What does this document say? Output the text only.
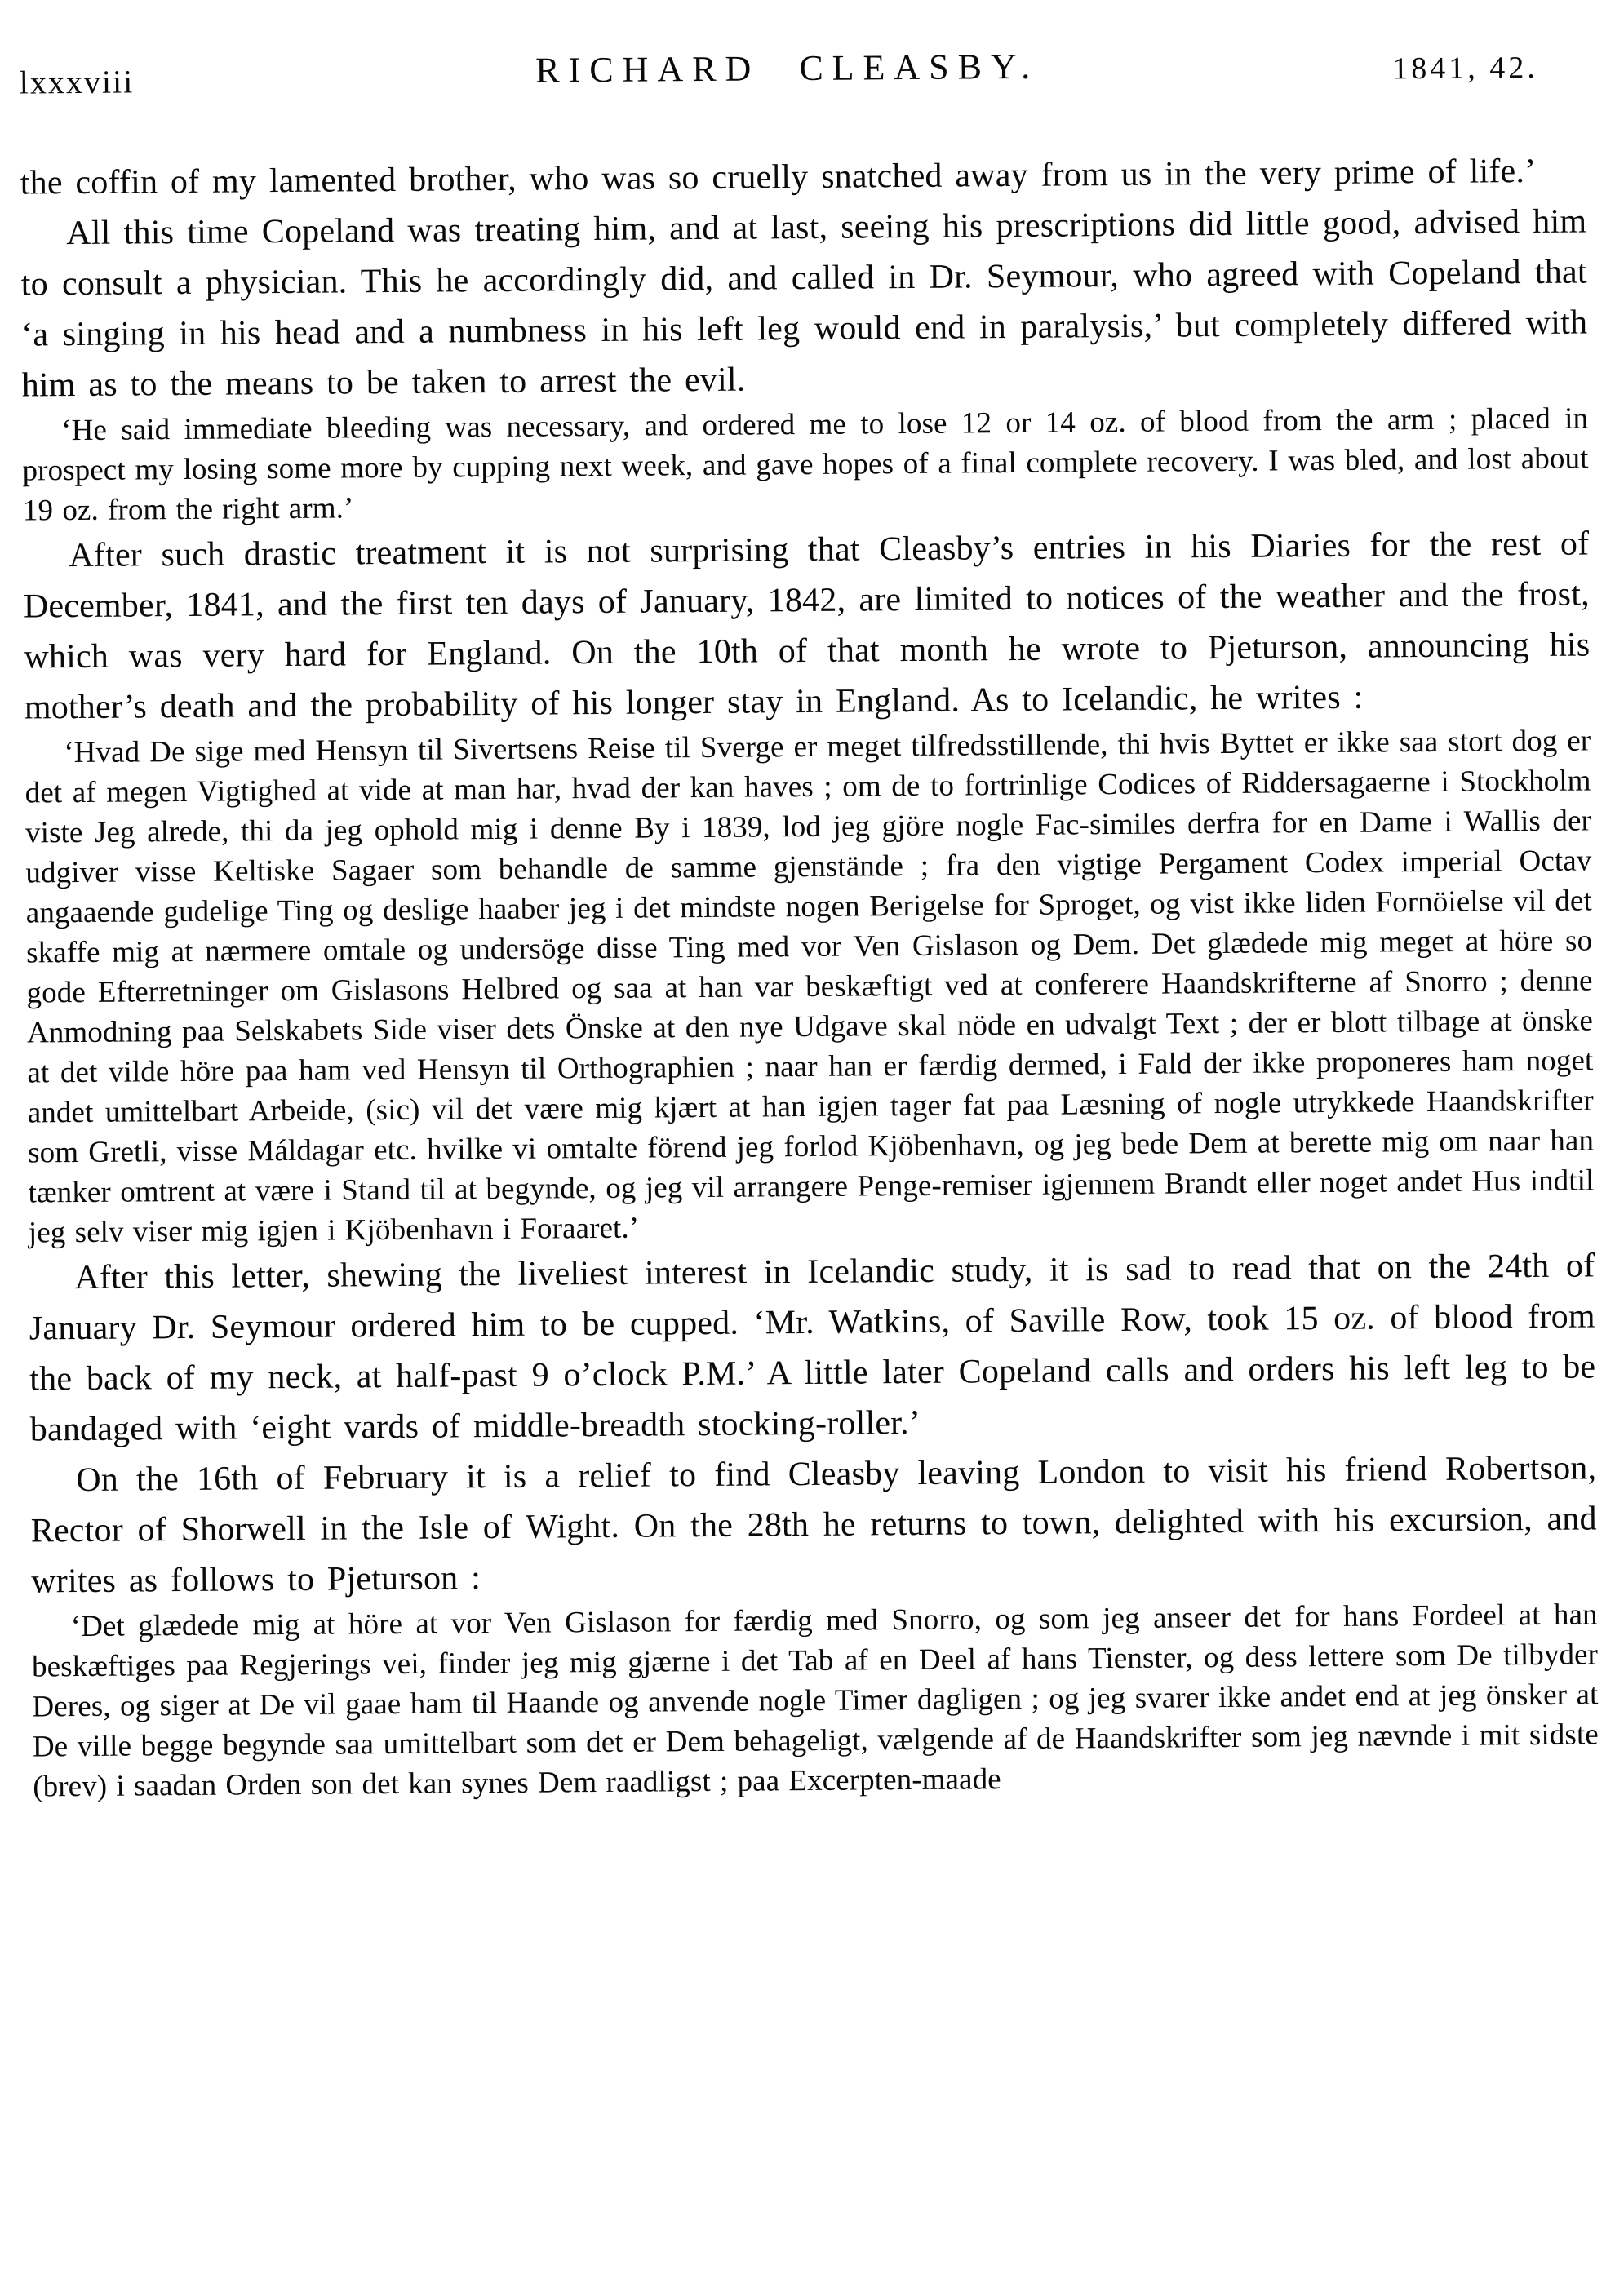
lxxxviii	RICHARD CLEASBY.	1841, 42.

the coffin of my lamented brother, who was so cruelly snatched away from us in the very prime of life.’

All this time Copeland was treating him, and at last, seeing his prescriptions did little good, advised him to consult a physician. This he accordingly did, and called in Dr. Seymour, who agreed with Copeland that ‘a singing in his head and a numbness in his left leg would end in paralysis,’ but completely differed with him as to the means to be taken to arrest the evil.

‘He said immediate bleeding was necessary, and ordered me to lose 12 or 14 oz. of blood from the arm ; placed in prospect my losing some more by cupping next week, and gave hopes of a final complete recovery. I was bled, and lost about 19 oz. from the right arm.’

After such drastic treatment it is not surprising that Cleasby’s entries in his Diaries for the rest of December, 1841, and the first ten days of January, 1842, are limited to notices of the weather and the frost, which was very hard for England. On the 10th of that month he wrote to Pjeturson, announcing his mother’s death and the probability of his longer stay in England. As to Icelandic, he writes :

‘Hvad De sige med Hensyn til Sivertsens Reise til Sverge er meget tilfredsstillende, thi hvis Byttet er ikke saa stort dog er det af megen Vigtighed at vide at man har, hvad der kan haves ; om de to fortrinlige Codices of Riddersagaerne i Stockholm viste Jeg alrede, thi da jeg ophold mig i denne By i 1839, lod jeg gjöre nogle Fac-similes derfra for en Dame i Wallis der udgiver visse Keltiske Sagaer som behandle de samme gjenstände ; fra den vigtige Pergament Codex imperial Octav angaaende gudelige Ting og deslige haaber jeg i det mindste nogen Berigelse for Sproget, og vist ikke liden Fornöielse vil det skaffe mig at nærmere omtale og undersöge disse Ting med vor Ven Gislason og Dem. Det glædede mig meget at höre so gode Efterretninger om Gislasons Helbred og saa at han var beskæftigt ved at conferere Haandskrifterne af Snorro ; denne Anmodning paa Selskabets Side viser dets Önske at den nye Udgave skal nöde en udvalgt Text ; der er blott tilbage at önske at det vilde höre paa ham ved Hensyn til Orthographien ; naar han er færdig dermed, i Fald der ikke proponeres ham noget andet umittelbart Arbeide, (sic) vil det være mig kjært at han igjen tager fat paa Læsning of nogle utrykkede Haandskrifter som Gretli, visse Máldagar etc. hvilke vi omtalte förend jeg forlod Kjöbenhavn, og jeg bede Dem at berette mig om naar han tænker omtrent at være i Stand til at begynde, og jeg vil arrangere Penge-remiser igjennem Brandt eller noget andet Hus indtil jeg selv viser mig igjen i Kjöbenhavn i Foraaret.’

After this letter, shewing the liveliest interest in Icelandic study, it is sad to read that on the 24th of January Dr. Seymour ordered him to be cupped. ‘Mr. Watkins, of Saville Row, took 15 oz. of blood from the back of my neck, at half-past 9 o’clock P.M.’ A little later Copeland calls and orders his left leg to be bandaged with ‘eight vards of middle-breadth stocking-roller.’

On the 16th of February it is a relief to find Cleasby leaving London to visit his friend Robertson, Rector of Shorwell in the Isle of Wight. On the 28th he returns to town, delighted with his excursion, and writes as follows to Pjeturson :

‘Det glædede mig at höre at vor Ven Gislason for færdig med Snorro, og som jeg anseer det for hans Fordeel at han beskæftiges paa Regjerings vei, finder jeg mig gjærne i det Tab af en Deel af hans Tienster, og dess lettere som De tilbyder Deres, og siger at De vil gaae ham til Haande og anvende nogle Timer dagligen ; og jeg svarer ikke andet end at jeg önsker at De ville begge begynde saa umittelbart som det er Dem behageligt, vælgende af de Haandskrifter som jeg nævnde i mit sidste (brev) i saadan Orden son det kan synes Dem raadligst ; paa Excerpten-maade
